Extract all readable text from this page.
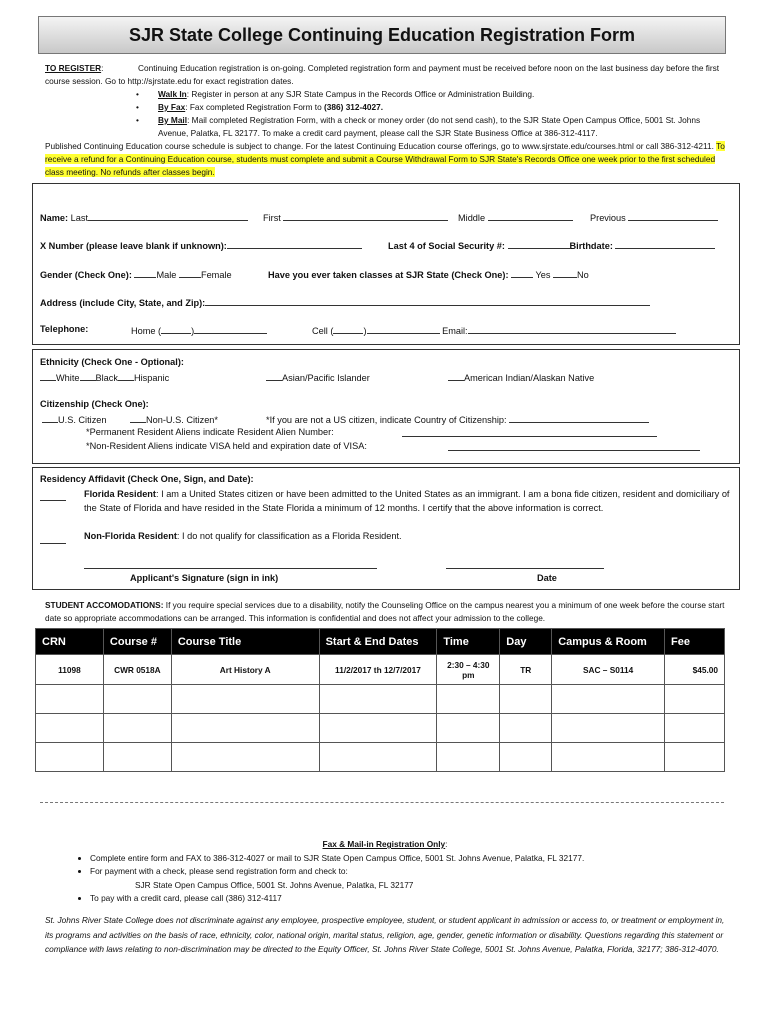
SJR State College Continuing Education Registration Form
TO REGISTER:               Continuing Education registration is on-going. Completed registration form and payment must be received before noon on the last business day before the first course session. Go to http://sjrstate.edu for exact registration dates.
• Walk In: Register in person at any SJR State Campus in the Records Office or Administration Building.
• By Fax: Fax completed Registration Form to (386) 312-4027.
• By Mail: Mail completed Registration Form, with a check or money order (do not send cash), to the SJR State Open Campus Office, 5001 St. Johns Avenue, Palatka, FL 32177. To make a credit card payment, please call the SJR State Business Office at 386-312-4117.
Published Continuing Education course schedule is subject to change. For the latest Continuing Education course offerings, go to www.sjrstate.edu/courses.html or call 386-312-4211. To receive a refund for a Continuing Education course, students must complete and submit a Course Withdrawal Form to SJR State's Records Office one week prior to the first scheduled class meeting. No refunds after classes begin.
Name: Last	First	Middle	Previous
X Number (please leave blank if unknown):	Last 4 of Social Security #:	Birthdate:
Gender (Check One):	Male	Female	Have you ever taken classes at SJR State (Check One):	Yes	No
Address (include City, State, and Zip):
Telephone:	Home (	)	Cell (	)	Email:
Ethnicity (Check One - Optional):
White Black Hispanic	Asian/Pacific Islander	American Indian/Alaskan Native
Citizenship (Check One):
U.S. Citizen	Non-U.S. Citizen*	*If you are not a US citizen, indicate Country of Citizenship:
*Permanent Resident Aliens indicate Resident Alien Number:
*Non-Resident Aliens indicate VISA held and expiration date of VISA:
Residency Affidavit (Check One, Sign, and Date):
Florida Resident: I am a United States citizen or have been admitted to the United States as an immigrant. I am a bona fide citizen, resident and domiciliary of the State of Florida and have resided in the State Florida a minimum of 12 months. I certify that the above information is correct.
Non-Florida Resident: I do not qualify for classification as a Florida Resident.
Applicant's Signature (sign in ink)	Date
STUDENT ACCOMODATIONS: If you require special services due to a disability, notify the Counseling Office on the campus nearest you a minimum of one week before the course start date so appropriate accommodations can be arranged. This information is confidential and does not affect your admission to the college.
CRN	Course #	Course Title	Start & End Dates	Time	Day	Campus & Room	Fee
11098	CWR 0518A	Art History A	11/2/2017 th 12/7/2017	2:30 – 4:30 pm	TR	SAC – S0114	$45.00

Fax & Mail-in Registration Only:
• Complete entire form and FAX to 386-312-4027 or mail to SJR State Open Campus Office, 5001 St. Johns Avenue, Palatka, FL 32177.
• For payment with a check, please send registration form and check to:
SJR State Open Campus Office, 5001 St. Johns Avenue, Palatka, FL 32177
• To pay with a credit card, please call (386) 312-4117
St. Johns River State College does not discriminate against any employee, prospective employee, student, or student applicant in admission or access to, or treatment or employment in, its programs and activities on the basis of race, ethnicity, color, national origin, marital status, religion, age, gender, genetic information or disability. Questions regarding this statement or compliance with laws relating to non-discrimination may be directed to the Equity Officer, St. Johns River State College, 5001 St. Johns Avenue, Palatka, Florida, 32177; 386-312-4070.
